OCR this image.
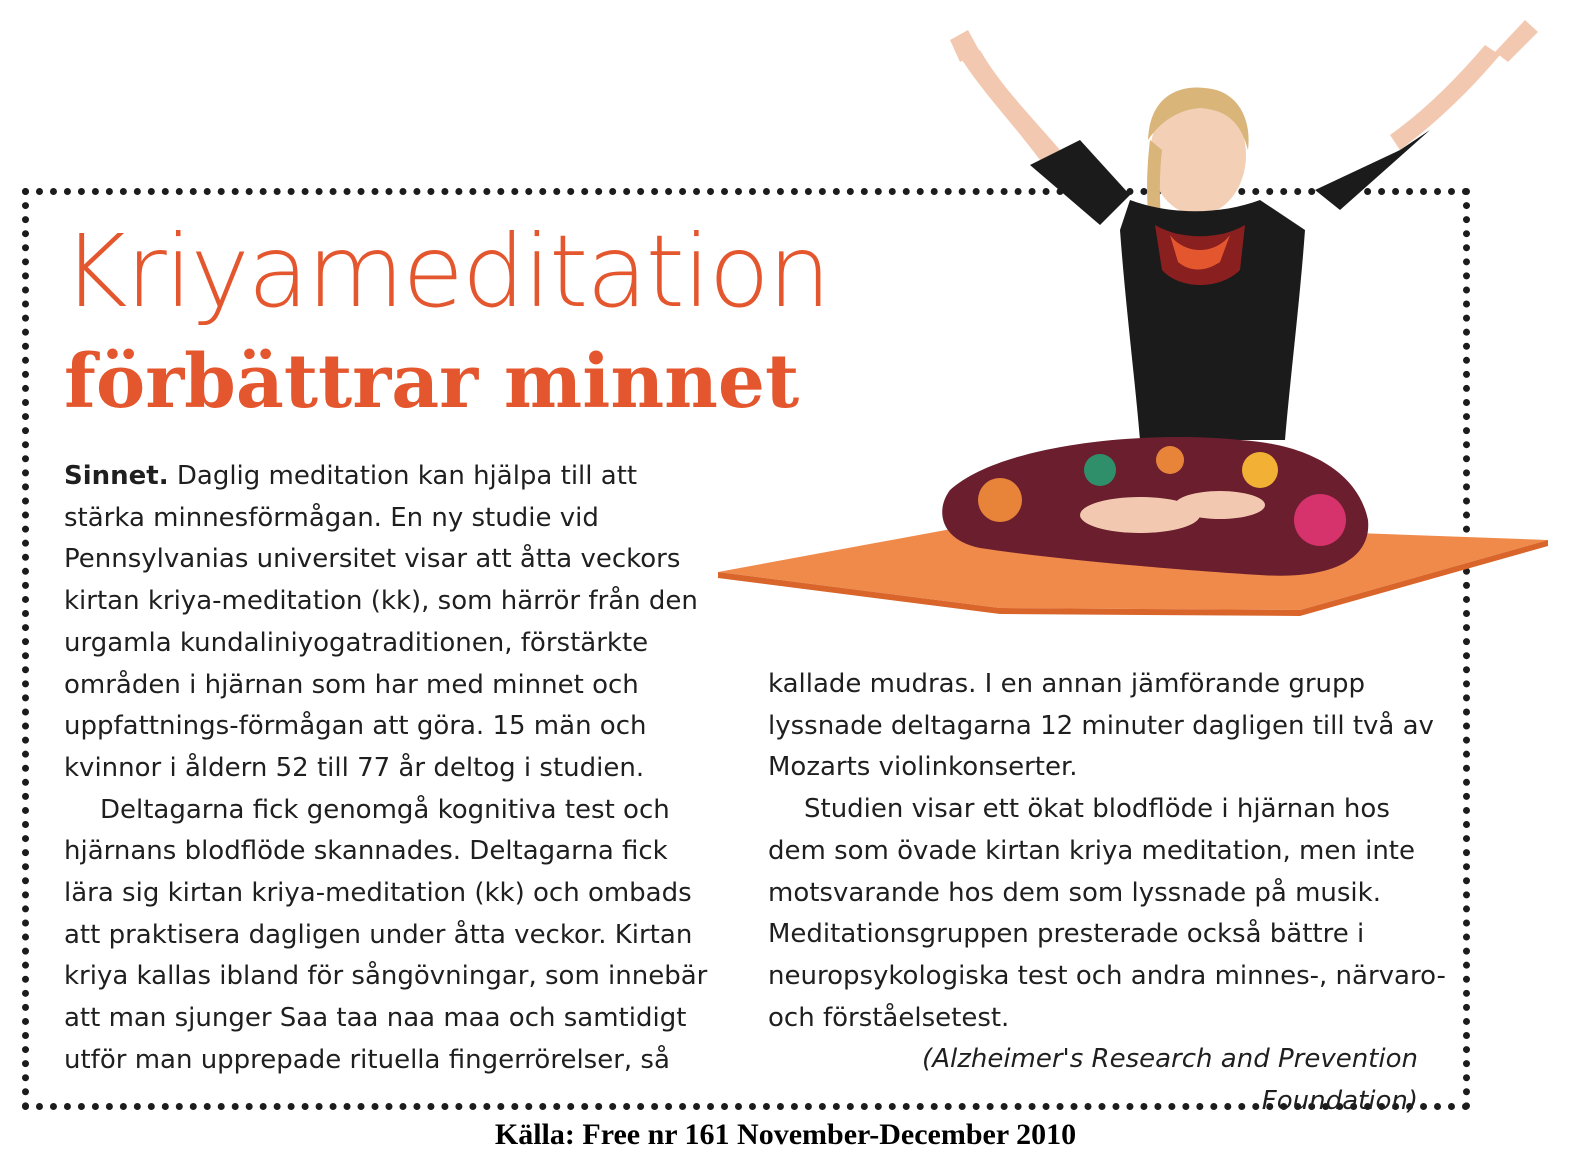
Kriyameditation
förbättrar minnet

Sinnet. Daglig meditation kan hjälpa till att stärka minnesförmågan. En ny studie vid Pennsylvanias universitet visar att åtta veckors kirtan kriya-meditation (kk), som härrör från den urgamla kundaliniyogatraditionen, förstärkte områden i hjärnan som har med minnet och uppfattnings-förmågan att göra. 15 män och kvinnor i åldern 52 till 77 år deltog i studien.

Deltagarna fick genomgå kognitiva test och hjärnans blodflöde skannades. Deltagarna fick lära sig kirtan kriya-meditation (kk) och ombads att praktisera dagligen under åtta veckor. Kirtan kriya kallas ibland för sångövningar, som innebär att man sjunger Saa taa naa maa och samtidigt utför man upprepade rituella fingerrörelser, så

kallade mudras. I en annan jämförande grupp lyssnade deltagarna 12 minuter dagligen till två av Mozarts violinkonserter.

Studien visar ett ökat blodflöde i hjärnan hos dem som övade kirtan kriya meditation, men inte motsvarande hos dem som lyssnade på musik. Meditationsgruppen presterade också bättre i neuropsykologiska test och andra minnes-, närvaro- och förståelsetest.

(Alzheimer's Research and Prevention Foundation)

Källa: Free nr 161 November-December 2010
